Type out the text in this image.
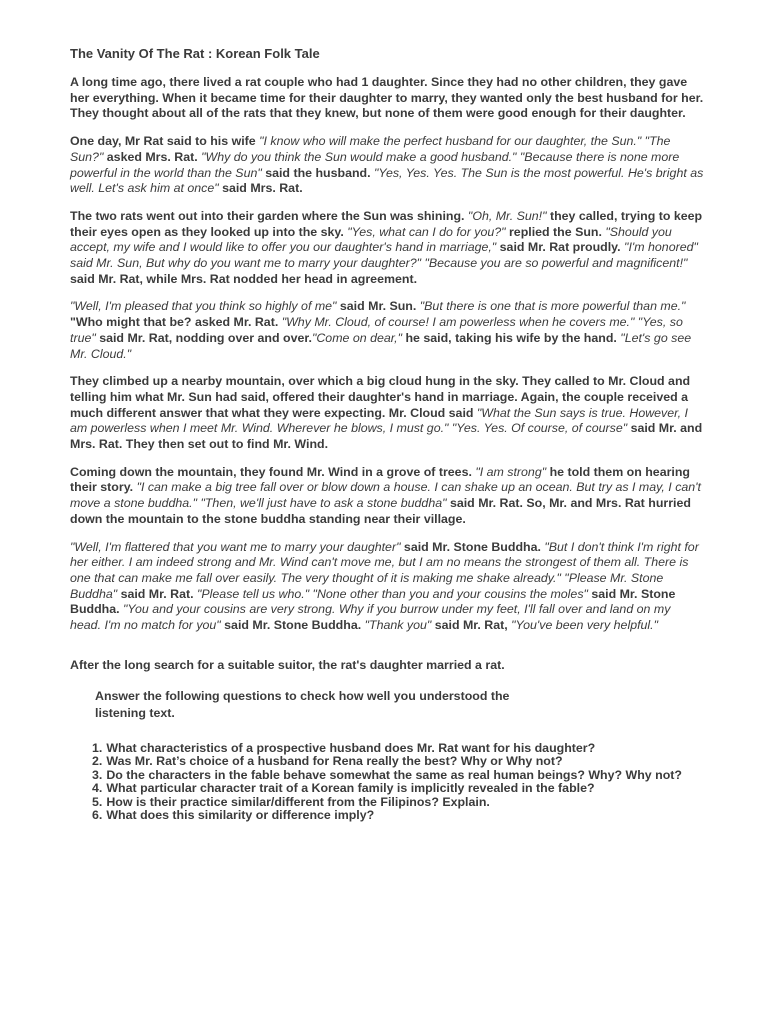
The Vanity Of The Rat : Korean Folk Tale

A long time ago, there lived a rat couple who had 1 daughter. Since they had no other children, they gave her everything. When it became time for their daughter to marry, they wanted only the best husband for her. They thought about all of the rats that they knew, but none of them were good enough for their daughter.

One day, Mr Rat said to his wife "I know who will make the perfect husband for our daughter, the Sun." "The Sun?" asked Mrs. Rat. "Why do you think the Sun would make a good husband." "Because there is none more powerful in the world than the Sun" said the husband. "Yes, Yes. Yes. The Sun is the most powerful. He's bright as well. Let's ask him at once" said Mrs. Rat.

The two rats went out into their garden where the Sun was shining. "Oh, Mr. Sun!" they called, trying to keep their eyes open as they looked up into the sky. "Yes, what can I do for you?" replied the Sun. "Should you accept, my wife and I would like to offer you our daughter's hand in marriage," said Mr. Rat proudly. "I'm honored" said Mr. Sun, But why do you want me to marry your daughter?" "Because you are so powerful and magnificent!" said Mr. Rat, while Mrs. Rat nodded her head in agreement.

"Well, I'm pleased that you think so highly of me" said Mr. Sun. "But there is one that is more powerful than me." "Who might that be? asked Mr. Rat. "Why Mr. Cloud, of course! I am powerless when he covers me." "Yes, so true" said Mr. Rat, nodding over and over.​"Come on dear," he said, taking his wife by the hand. "Let's go see Mr. Cloud."

They climbed up a nearby mountain, over which a big cloud hung in the sky. They called to Mr. Cloud and telling him what Mr. Sun had said, offered their daughter's hand in marriage. Again, the couple received a much different answer that what they were expecting. Mr. Cloud said "What the Sun says is true. However, I am powerless when I meet Mr. Wind. Wherever he blows, I must go." "Yes. Yes. Of course, of course" said Mr. and Mrs. Rat. They then set out to find Mr. Wind.

Coming down the mountain, they found Mr. Wind in a grove of trees. "I am strong" he told them on hearing their story. "I can make a big tree fall over or blow down a house. I can shake up an ocean. But try as I may, I can't move a stone buddha." "Then, we'll just have to ask a stone buddha" said Mr. Rat. So, Mr. and Mrs. Rat hurried down the mountain to the stone buddha standing near their village.

"Well, I'm flattered that you want me to marry your daughter" said Mr. Stone Buddha. "But I don't think I'm right for her either. I am indeed strong and Mr. Wind can't move me, but I am no means the strongest of them all. There is one that can make me fall over easily. The very thought of it is making me shake already." "Please Mr. Stone Buddha" said Mr. Rat. "Please tell us who." "None other than you and your cousins the moles" said Mr. Stone Buddha. "You and your cousins are very strong. Why if you burrow under my feet, I'll fall over and land on my head. I'm no match for you" said Mr. Stone Buddha. "Thank you" said Mr. Rat, "You've been very helpful."

After the long search for a suitable suitor, the rat's daughter married a rat.

Answer the following questions to check how well you understood the listening text.

1. What characteristics of a prospective husband does Mr. Rat want for his daughter?
2. Was Mr. Rat’s choice of a husband for Rena really the best? Why or Why not?
3. Do the characters in the fable behave somewhat the same as real human beings? Why? Why not?
4. What particular character trait of a Korean family is implicitly revealed in the fable?
5. How is their practice similar/different from the Filipinos? Explain.
6. What does this similarity or difference imply?
